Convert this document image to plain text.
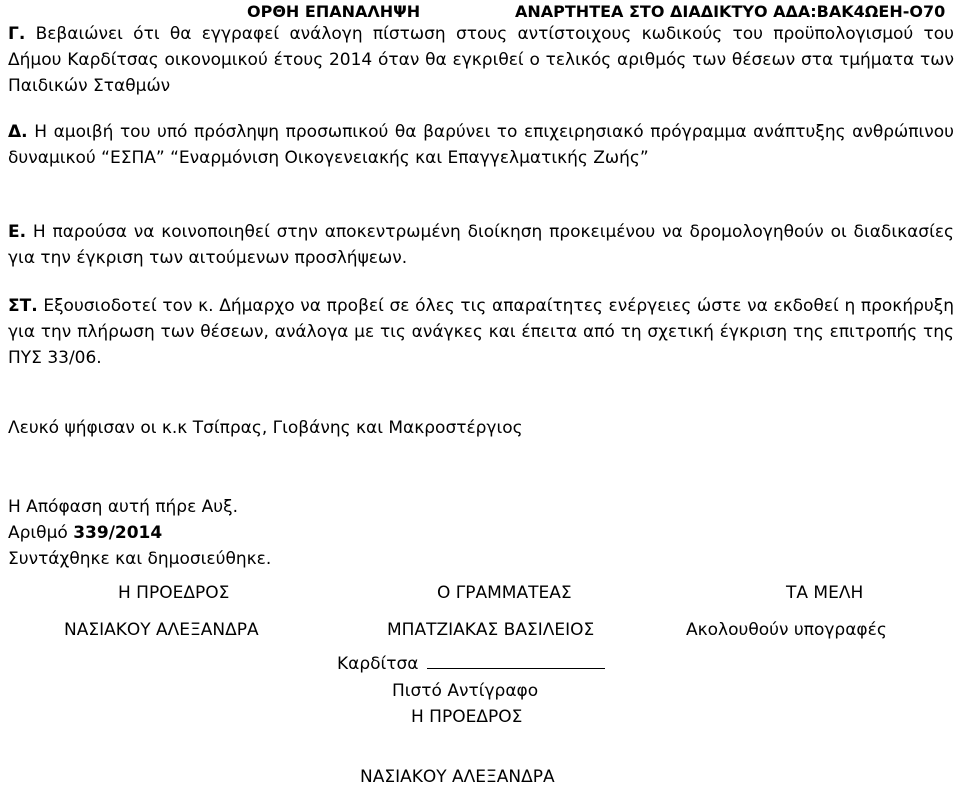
ΟΡΘΗ ΕΠΑΝΑΛΗΨΗ	ΑΝΑΡΤΗΤΕΑ ΣΤΟ ΔΙΑΔΙΚΤΥΟ ΑΔΑ:ΒΑΚ4ΩΕΗ-Ο70
Γ. Βεβαιώνει ότι θα εγγραφεί ανάλογη πίστωση στους αντίστοιχους κωδικούς του προϋπολογισμού του Δήμου Καρδίτσας οικονομικού έτους 2014 όταν θα εγκριθεί ο τελικός αριθμός των θέσεων στα τμήματα των Παιδικών Σταθμών
Δ. Η αμοιβή του υπό πρόσληψη προσωπικού θα βαρύνει το επιχειρησιακό πρόγραμμα ανάπτυξης ανθρώπινου δυναμικού “ΕΣΠΑ” “Εναρμόνιση Οικογενειακής και Επαγγελματικής Ζωής”
Ε. Η παρούσα να κοινοποιηθεί στην αποκεντρωμένη διοίκηση προκειμένου να δρομολογηθούν οι διαδικασίες για την έγκριση των αιτούμενων προσλήψεων.
ΣΤ. Εξουσιοδοτεί τον κ. Δήμαρχο να προβεί σε όλες τις απαραίτητες ενέργειες ώστε να εκδοθεί η προκήρυξη για την πλήρωση των θέσεων, ανάλογα με τις ανάγκες και έπειτα από τη σχετική έγκριση της επιτροπής της ΠΥΣ 33/06.
Λευκό ψήφισαν οι κ.κ Τσίπρας, Γιοβάνης και Μακροστέργιος
Η Απόφαση αυτή πήρε Αυξ.
Αριθμό 339/2014
Συντάχθηκε και δημοσιεύθηκε.
Η ΠΡΟΕΔΡΟΣ	Ο ΓΡΑΜΜΑΤΕΑΣ	ΤΑ ΜΕΛΗ
ΝΑΣΙΑΚΟΥ ΑΛΕΞΑΝΔΡΑ	ΜΠΑΤΖΙΑΚΑΣ ΒΑΣΙΛΕΙΟΣ	Ακολουθούν υπογραφές
Καρδίτσα
Πιστό Αντίγραφο
Η ΠΡΟΕΔΡΟΣ
ΝΑΣΙΑΚΟΥ ΑΛΕΞΑΝΔΡΑ
